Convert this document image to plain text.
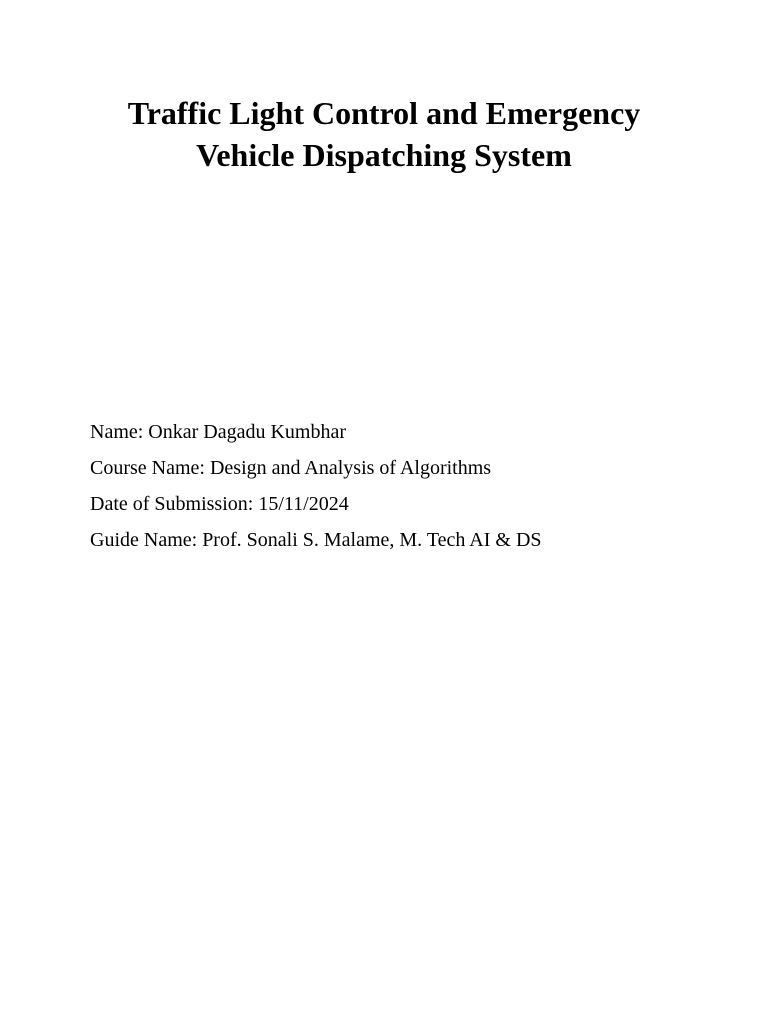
Traffic Light Control and Emergency
Vehicle Dispatching System
Name: Onkar Dagadu Kumbhar
Course Name: Design and Analysis of Algorithms
Date of Submission: 15/11/2024
Guide Name: Prof. Sonali S. Malame, M. Tech AI & DS
